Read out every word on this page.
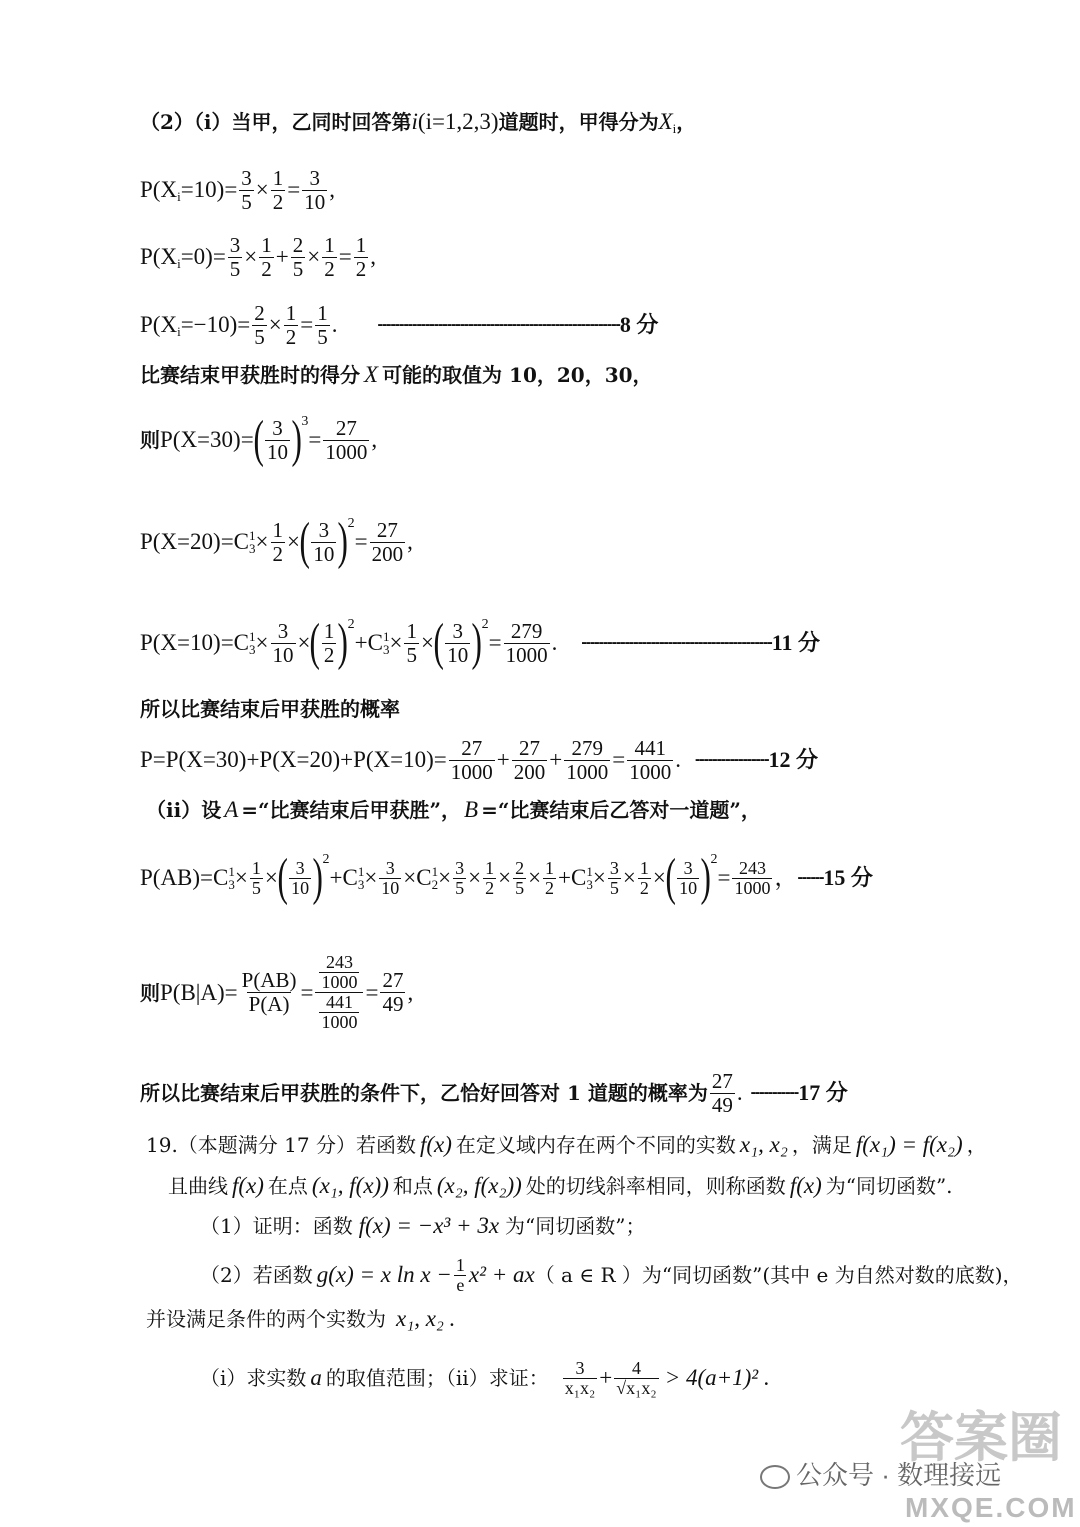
（2）（i）当甲，乙同时回答第 i (i=1,2,3) 道题时，甲得分为 X i ，
P(X $i =10)= \frac{3}{5} \times \frac{1}{2} = \frac{3}{10}$ ,
P(X $i =0)= \frac{3}{5} \times \frac{1}{2} + \frac{2}{5} \times \frac{1}{2} = \frac{1}{2}$ ,
P(X $i =-10)= \frac{2}{5} \times \frac{1}{2} = \frac{1}{5}$ .	-------------------------------------------------------- 8 分
比赛结束甲获胜时的得分 X 可能的取值为 10，20，30，
则 P(X=30)= ( $\frac{3}{10}$ ) 3
= $\frac{27}{1000}$ ,
P(X=20)=C 1
$3 \times \frac{1}{2}$ × ( $\frac{3}{10}$ ) 2
= $\frac{27}{200}$ ,
P(X=10)=C 1
$3 \times \frac{3}{10}$ × ( $\frac{1}{2}$ ) 2
+C 1
$3 \times \frac{1}{5}$ × ( $\frac{3}{10}$ ) 2
= $\frac{279}{1000}$ . -------------------------------------------- 11 分
所以比赛结束后甲获胜的概率
$P=P(X=30)+P(X=20)+P(X=10)= \frac{27}{1000} + \frac{27}{200} + \frac{279}{1000} = \frac{441}{1000}$ . ----------------- 12 分
（ii）设 A =“比赛结束后甲获胜”， B =“比赛结束后乙答对一道题”，
P(AB)=C 1
$3 \times \frac{1}{5}$ × ( $\frac{3}{10}$ ) 2
+C 1
$3 \times \frac{3}{10} \times C$ 1
$2 \times \frac{3}{5} \times \frac{1}{2} \times \frac{2}{5} \times \frac{1}{2} +C$ 1
$3 \times \frac{3}{5} \times \frac{1}{2}$ × ( $\frac{3}{10}$ ) 2
= $\frac{243}{1000}$ ， ------ 15 分
则 $P(B|A)= \frac{P(AB)}{P(A)} = \frac{\frac{243}{1000}}{\frac{441}{1000}} = \frac{27}{49}$ ,
所以比赛结束后甲获胜的条件下，乙恰好回答对 1 道题的概率为 $\frac{27}{49}$ . ----------- 17 分
19.（本题满分 17 分）若函数 f(x) 在定义域内存在两个不同的实数 x₁, x₂ ，满足 f(x₁) = f(x₂) ，
且曲线 f(x) 在点 (x₁, f(x)) 和点 (x₂, f(x₂)) 处的切线斜率相同，则称函数 f(x) 为“同切函数”.
（1）证明：函数 f(x) = −x³ + 3x 为“同切函数”；
（2）若函数 g(x) = x $\ln x - \frac{1}{e} x^2$ + ax （ a ∈ R ） 为“同切函数”(其中 e 为自然对数的底数)，
并设满足条件的两个实数为 x₁, x₂ .
（i）求实数 a 的取值范围；（ii）求证： $\frac{3}{\text{x₁x₂}} + \frac{4}{\text{√x₁x₂}} > 4(a+1)^2$ .
公众号 · 数理接远
答案圈
MXQE.COM
